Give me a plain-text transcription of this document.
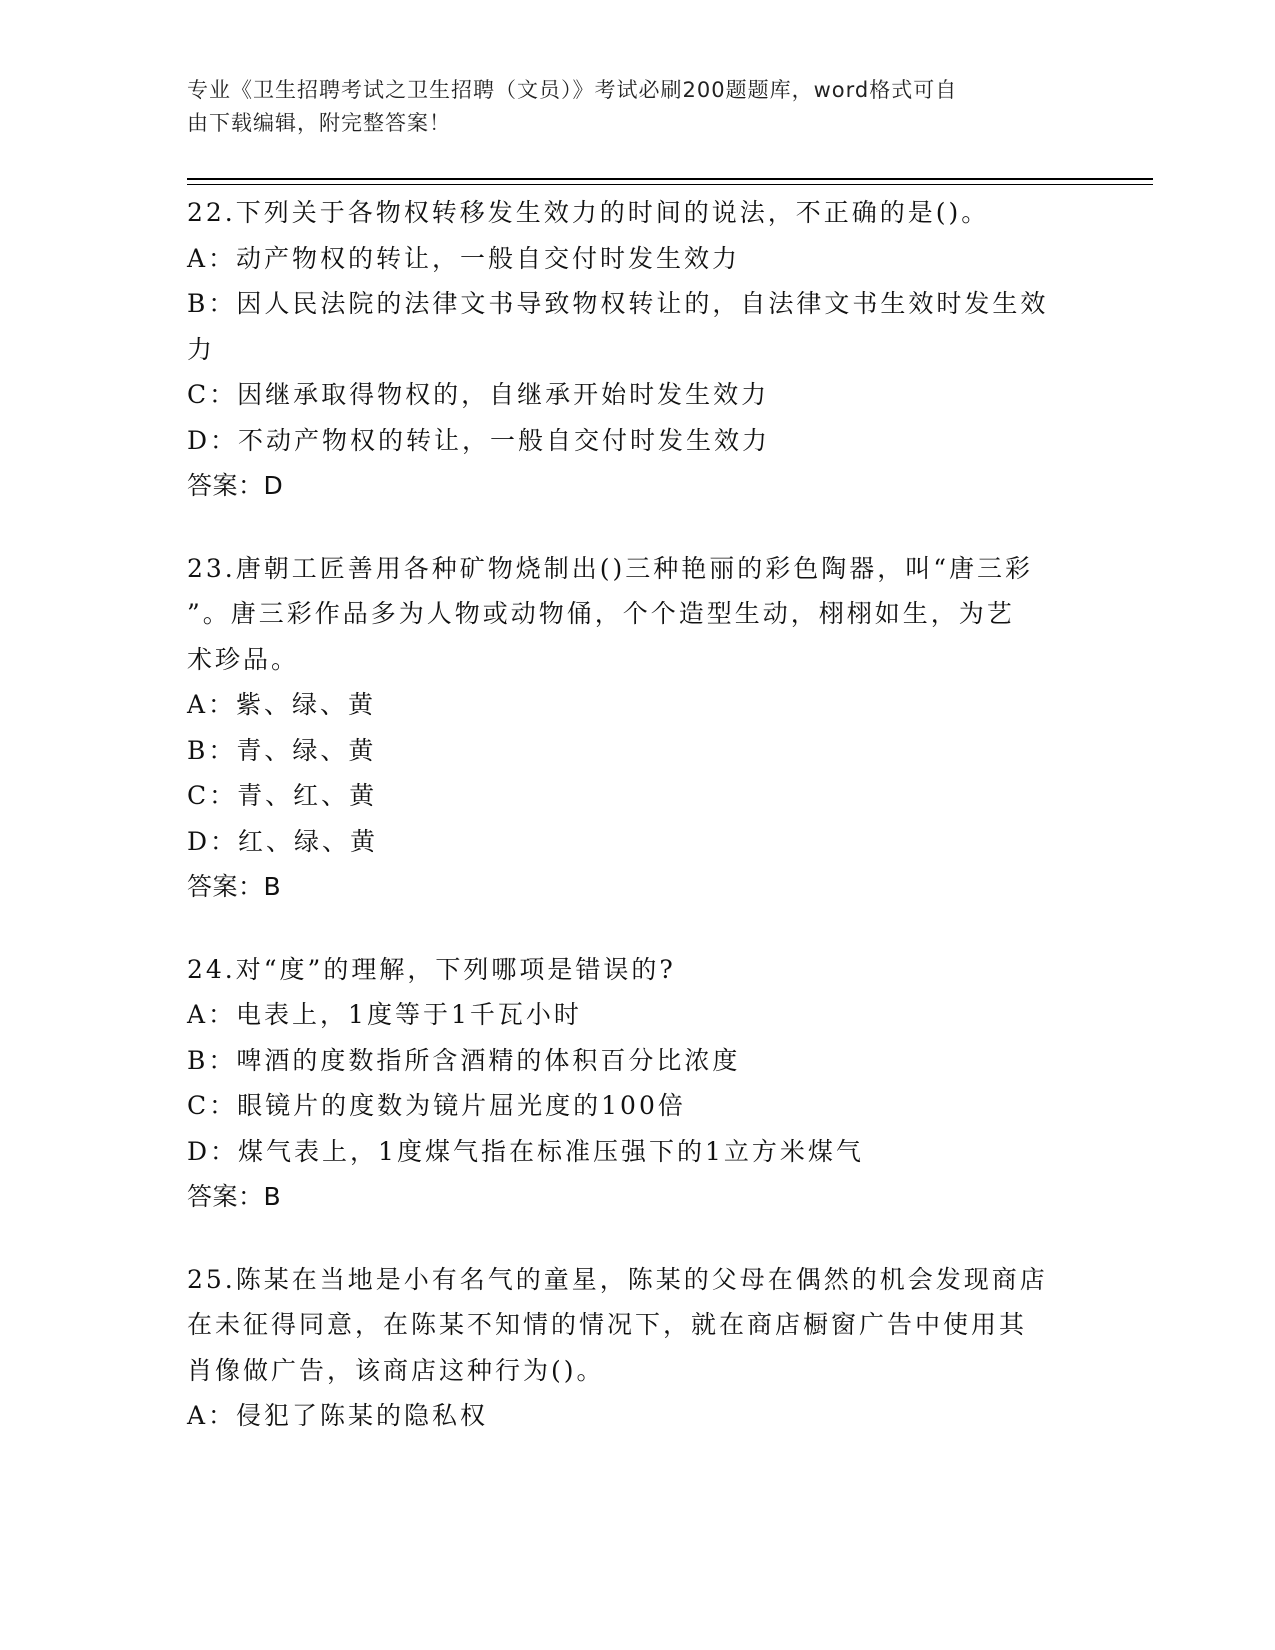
专业《卫生招聘考试之卫生招聘（文员）》考试必刷200题题库，word格式可自
由下载编辑，附完整答案！
22.下列关于各物权转移发生效力的时间的说法，不正确的是()。
A：动产物权的转让，一般自交付时发生效力
B：因人民法院的法律文书导致物权转让的，自法律文书生效时发生效
力
C：因继承取得物权的，自继承开始时发生效力
D：不动产物权的转让，一般自交付时发生效力
答案：D
23.唐朝工匠善用各种矿物烧制出()三种艳丽的彩色陶器，叫“唐三彩
”。唐三彩作品多为人物或动物俑，个个造型生动，栩栩如生，为艺
术珍品。
A：紫、绿、黄
B：青、绿、黄
C：青、红、黄
D：红、绿、黄
答案：B
24.对“度”的理解，下列哪项是错误的?
A：电表上，1度等于1千瓦小时
B：啤酒的度数指所含酒精的体积百分比浓度
C：眼镜片的度数为镜片屈光度的100倍
D：煤气表上，1度煤气指在标准压强下的1立方米煤气
答案：B
25.陈某在当地是小有名气的童星，陈某的父母在偶然的机会发现商店
在未征得同意，在陈某不知情的情况下，就在商店橱窗广告中使用其
肖像做广告，该商店这种行为()。
A：侵犯了陈某的隐私权
